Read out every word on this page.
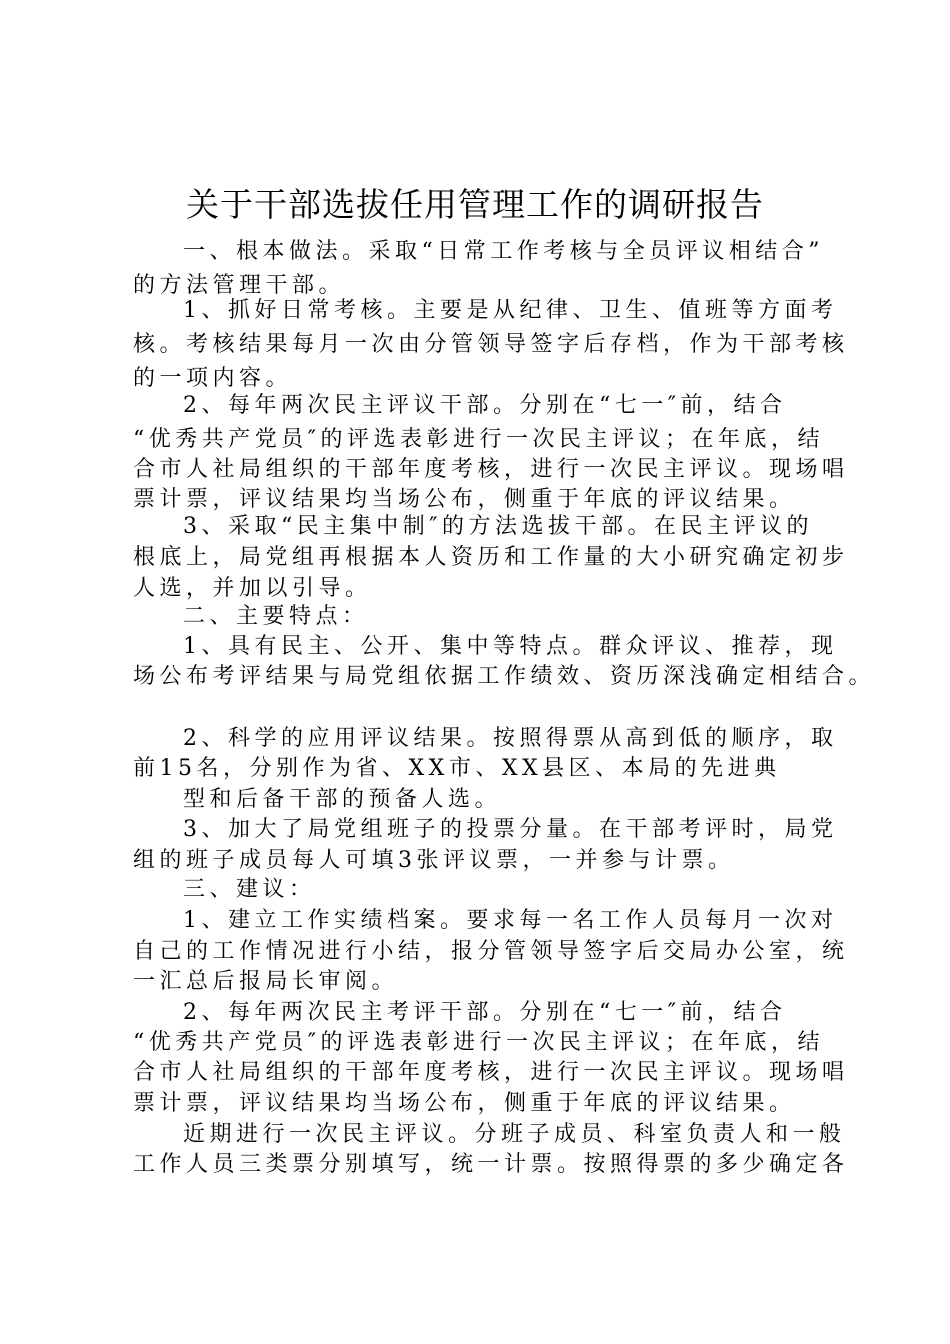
关于干部选拔任用管理工作的调研报告
一、根本做法。采取“日常工作考核与全员评议相结合”
的方法管理干部。
1、抓好日常考核。主要是从纪律、卫生、值班等方面考
核。考核结果每月一次由分管领导签字后存档，作为干部考核
的一项内容。
2、每年两次民主评议干部。分别在“七一″前，结合
“优秀共产党员″的评选表彰进行一次民主评议；在年底，结
合市人社局组织的干部年度考核，进行一次民主评议。现场唱
票计票，评议结果均当场公布，侧重于年底的评议结果。
3、采取“民主集中制″的方法选拔干部。在民主评议的
根底上，局党组再根据本人资历和工作量的大小研究确定初步
人选，并加以引导。
二、主要特点：
1、具有民主、公开、集中等特点。群众评议、推荐，现
场公布考评结果与局党组依据工作绩效、资历深浅确定相结合。
2、科学的应用评议结果。按照得票从高到低的顺序，取
前15名，分别作为省、XX市、XX县区、本局的先进典
型和后备干部的预备人选。
3、加大了局党组班子的投票分量。在干部考评时，局党
组的班子成员每人可填3张评议票，一并参与计票。
三、建议：
1、建立工作实绩档案。要求每一名工作人员每月一次对
自己的工作情况进行小结，报分管领导签字后交局办公室，统
一汇总后报局长审阅。
2、每年两次民主考评干部。分别在“七一″前，结合
“优秀共产党员″的评选表彰进行一次民主评议；在年底，结
合市人社局组织的干部年度考核，进行一次民主评议。现场唱
票计票，评议结果均当场公布，侧重于年底的评议结果。
近期进行一次民主评议。分班子成员、科室负责人和一般
工作人员三类票分别填写，统一计票。按照得票的多少确定各
